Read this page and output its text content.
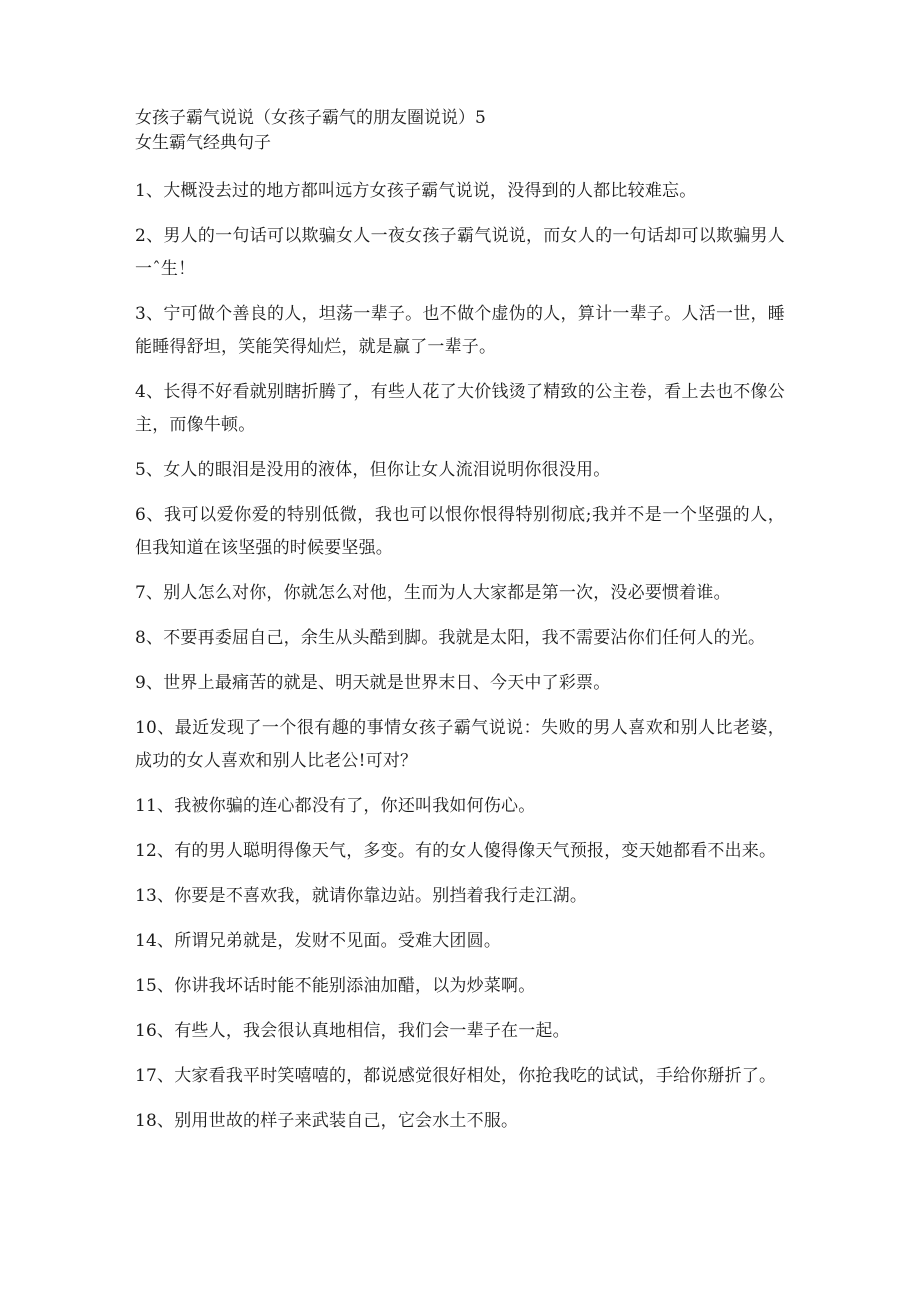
女孩子霸气说说（女孩子霸气的朋友圈说说）5

女生霸气经典句子

1、大概没去过的地方都叫远方女孩子霸气说说，没得到的人都比较难忘。

2、男人的一句话可以欺骗女人一夜女孩子霸气说说，而女人的一句话却可以欺骗男人一ˆ生！

3、宁可做个善良的人，坦荡一辈子。也不做个虚伪的人，算计一辈子。人活一世，睡能睡得舒坦，笑能笑得灿烂，就是赢了一辈子。

4、长得不好看就别瞎折腾了，有些人花了大价钱烫了精致的公主卷，看上去也不像公主，而像牛顿。

5、女人的眼泪是没用的液体，但你让女人流泪说明你很没用。

6、我可以爱你爱的特别低微，我也可以恨你恨得特别彻底;我并不是一个坚强的人，但我知道在该坚强的时候要坚强。

7、别人怎么对你，你就怎么对他，生而为人大家都是第一次，没必要惯着谁。

8、不要再委屈自己，余生从头酷到脚。我就是太阳，我不需要沾你们任何人的光。

9、世界上最痛苦的就是、明天就是世界末日、今天中了彩票。

10、最近发现了一个很有趣的事情女孩子霸气说说：失败的男人喜欢和别人比老婆，成功的女人喜欢和别人比老公!可对？

11、我被你骗的连心都没有了，你还叫我如何伤心。

12、有的男人聪明得像天气，多变。有的女人傻得像天气预报，变天她都看不出来。

13、你要是不喜欢我，就请你靠边站。别挡着我行走江湖。

14、所谓兄弟就是，发财不见面。受难大团圆。

15、你讲我坏话时能不能别添油加醋，以为炒菜啊。

16、有些人，我会很认真地相信，我们会一辈子在一起。

17、大家看我平时笑嘻嘻的，都说感觉很好相处，你抢我吃的试试，手给你掰折了。

18、别用世故的样子来武装自己，它会水土不服。
